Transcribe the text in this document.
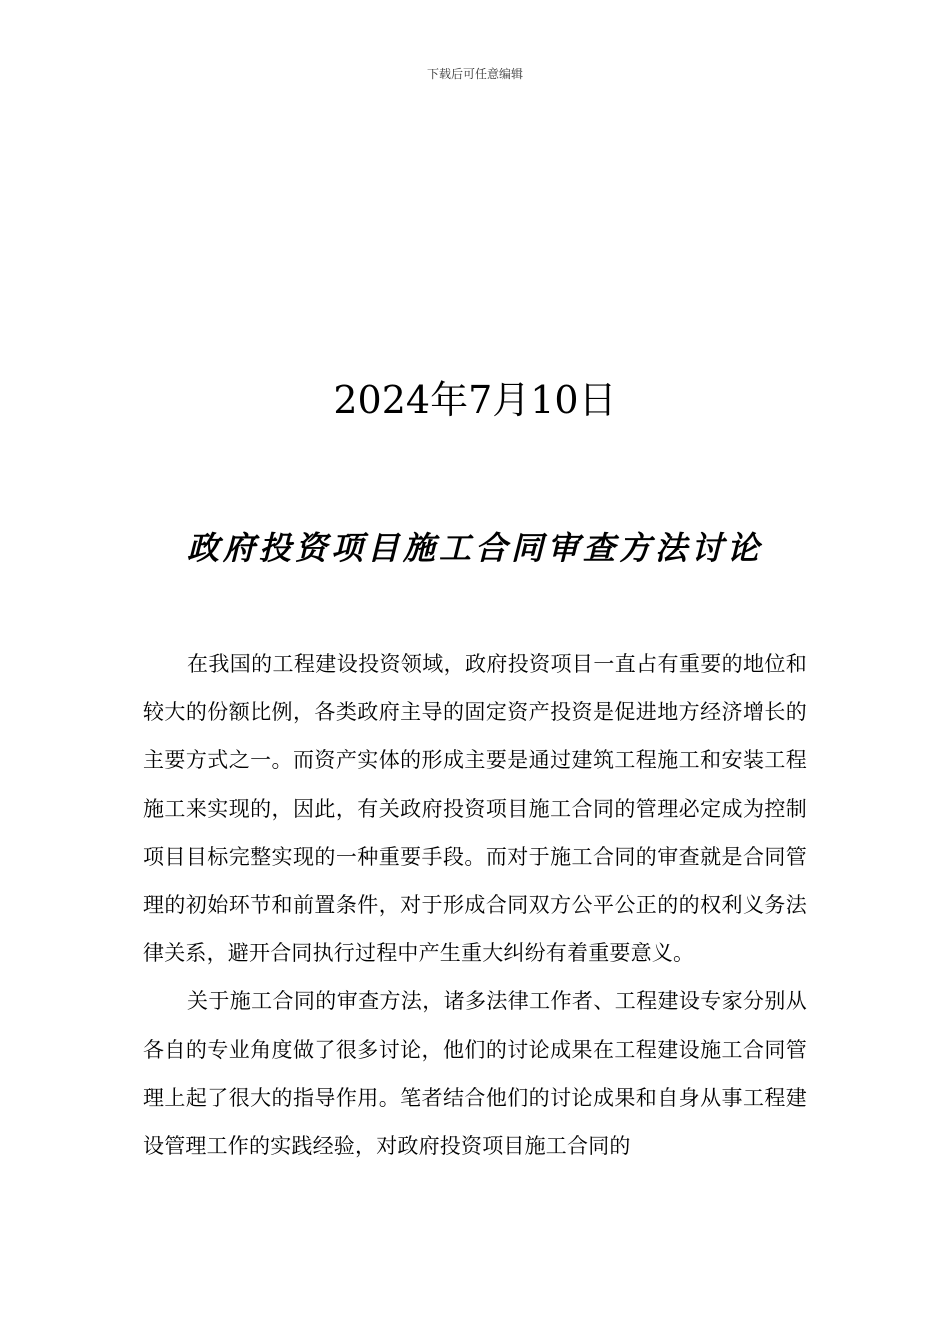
下载后可任意编辑
2024年7月10日
政府投资项目施工合同审查方法讨论

在我国的工程建设投资领域，政府投资项目一直占有重要的地位和较大的份额比例，各类政府主导的固定资产投资是促进地方经济增长的主要方式之一。而资产实体的形成主要是通过建筑工程施工和安装工程施工来实现的，因此，有关政府投资项目施工合同的管理必定成为控制项目目标完整实现的一种重要手段。而对于施工合同的审查就是合同管理的初始环节和前置条件，对于形成合同双方公平公正的的权利义务法律关系，避开合同执行过程中产生重大纠纷有着重要意义。

关于施工合同的审查方法，诸多法律工作者、工程建设专家分别从各自的专业角度做了很多讨论，他们的讨论成果在工程建设施工合同管理上起了很大的指导作用。笔者结合他们的讨论成果和自身从事工程建设管理工作的实践经验，对政府投资项目施工合同的
